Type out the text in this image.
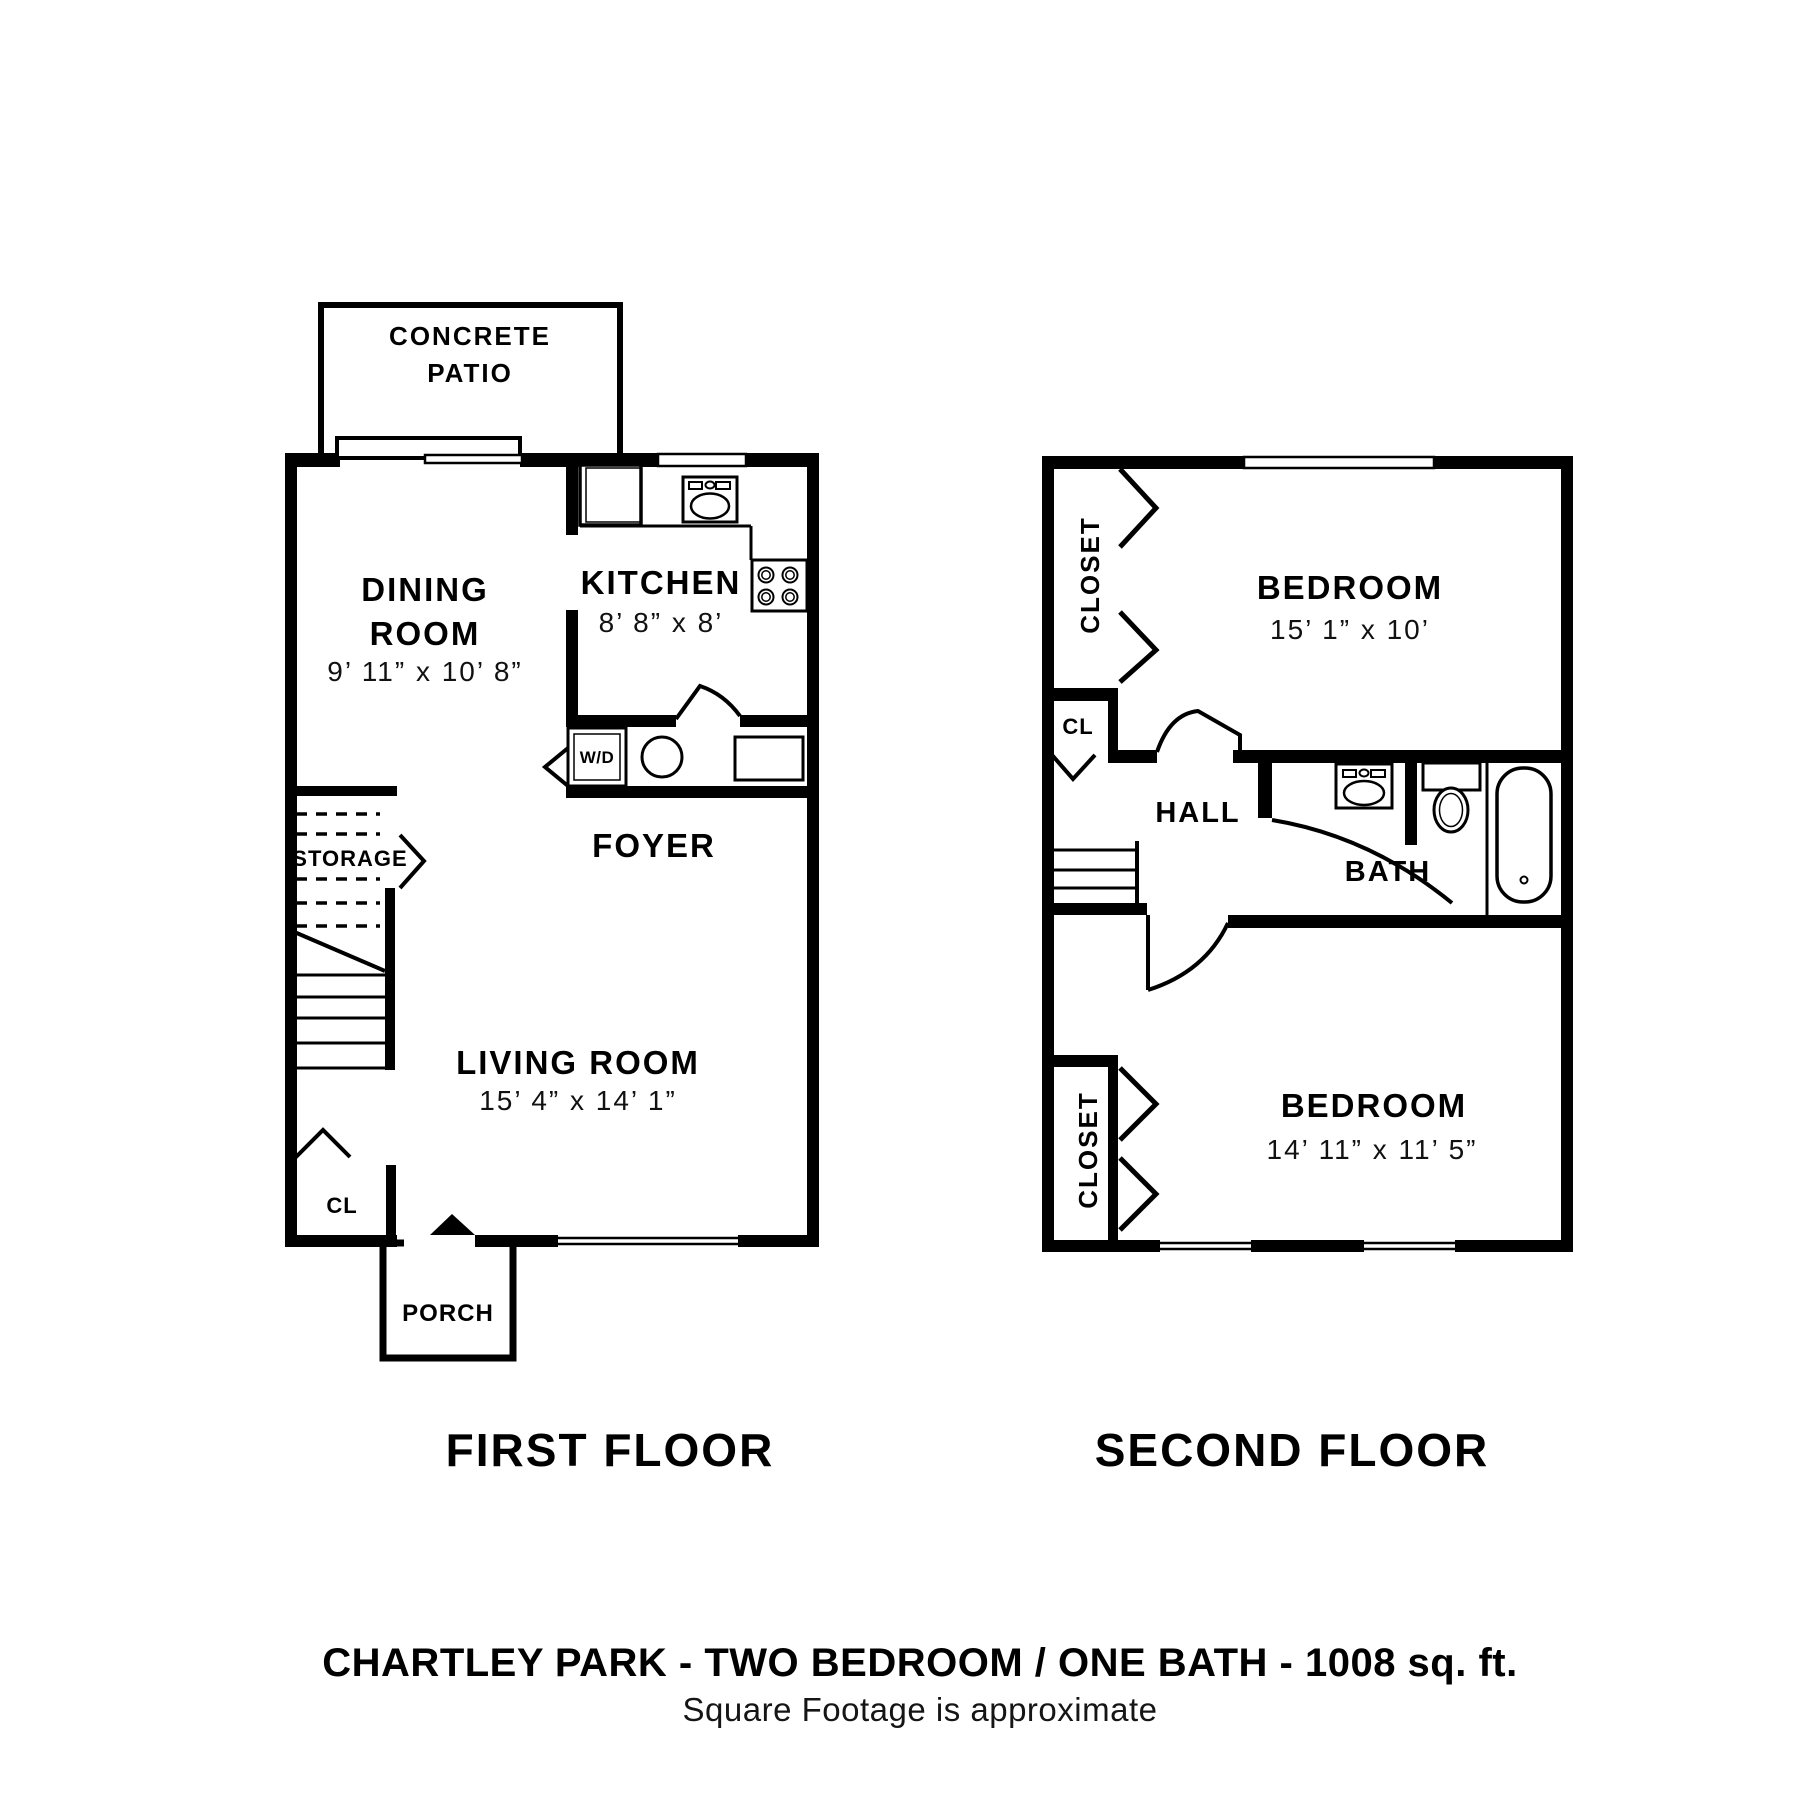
CONCRETE
PATIO
DINING
ROOM
9’ 11” x 10’ 8”
KITCHEN
8’ 8” x 8’
W/D
FOYER
STORAGE
LIVING ROOM
15’ 4” x 14’ 1”
CL
PORCH
FIRST FLOOR
CLOSET
CL
BEDROOM
15’ 1” x 10’
HALL
BATH
BEDROOM
14’ 11” x 11’ 5”
CLOSET
SECOND FLOOR
CHARTLEY PARK - TWO BEDROOM / ONE BATH - 1008 sq. ft.
Square Footage is approximate
